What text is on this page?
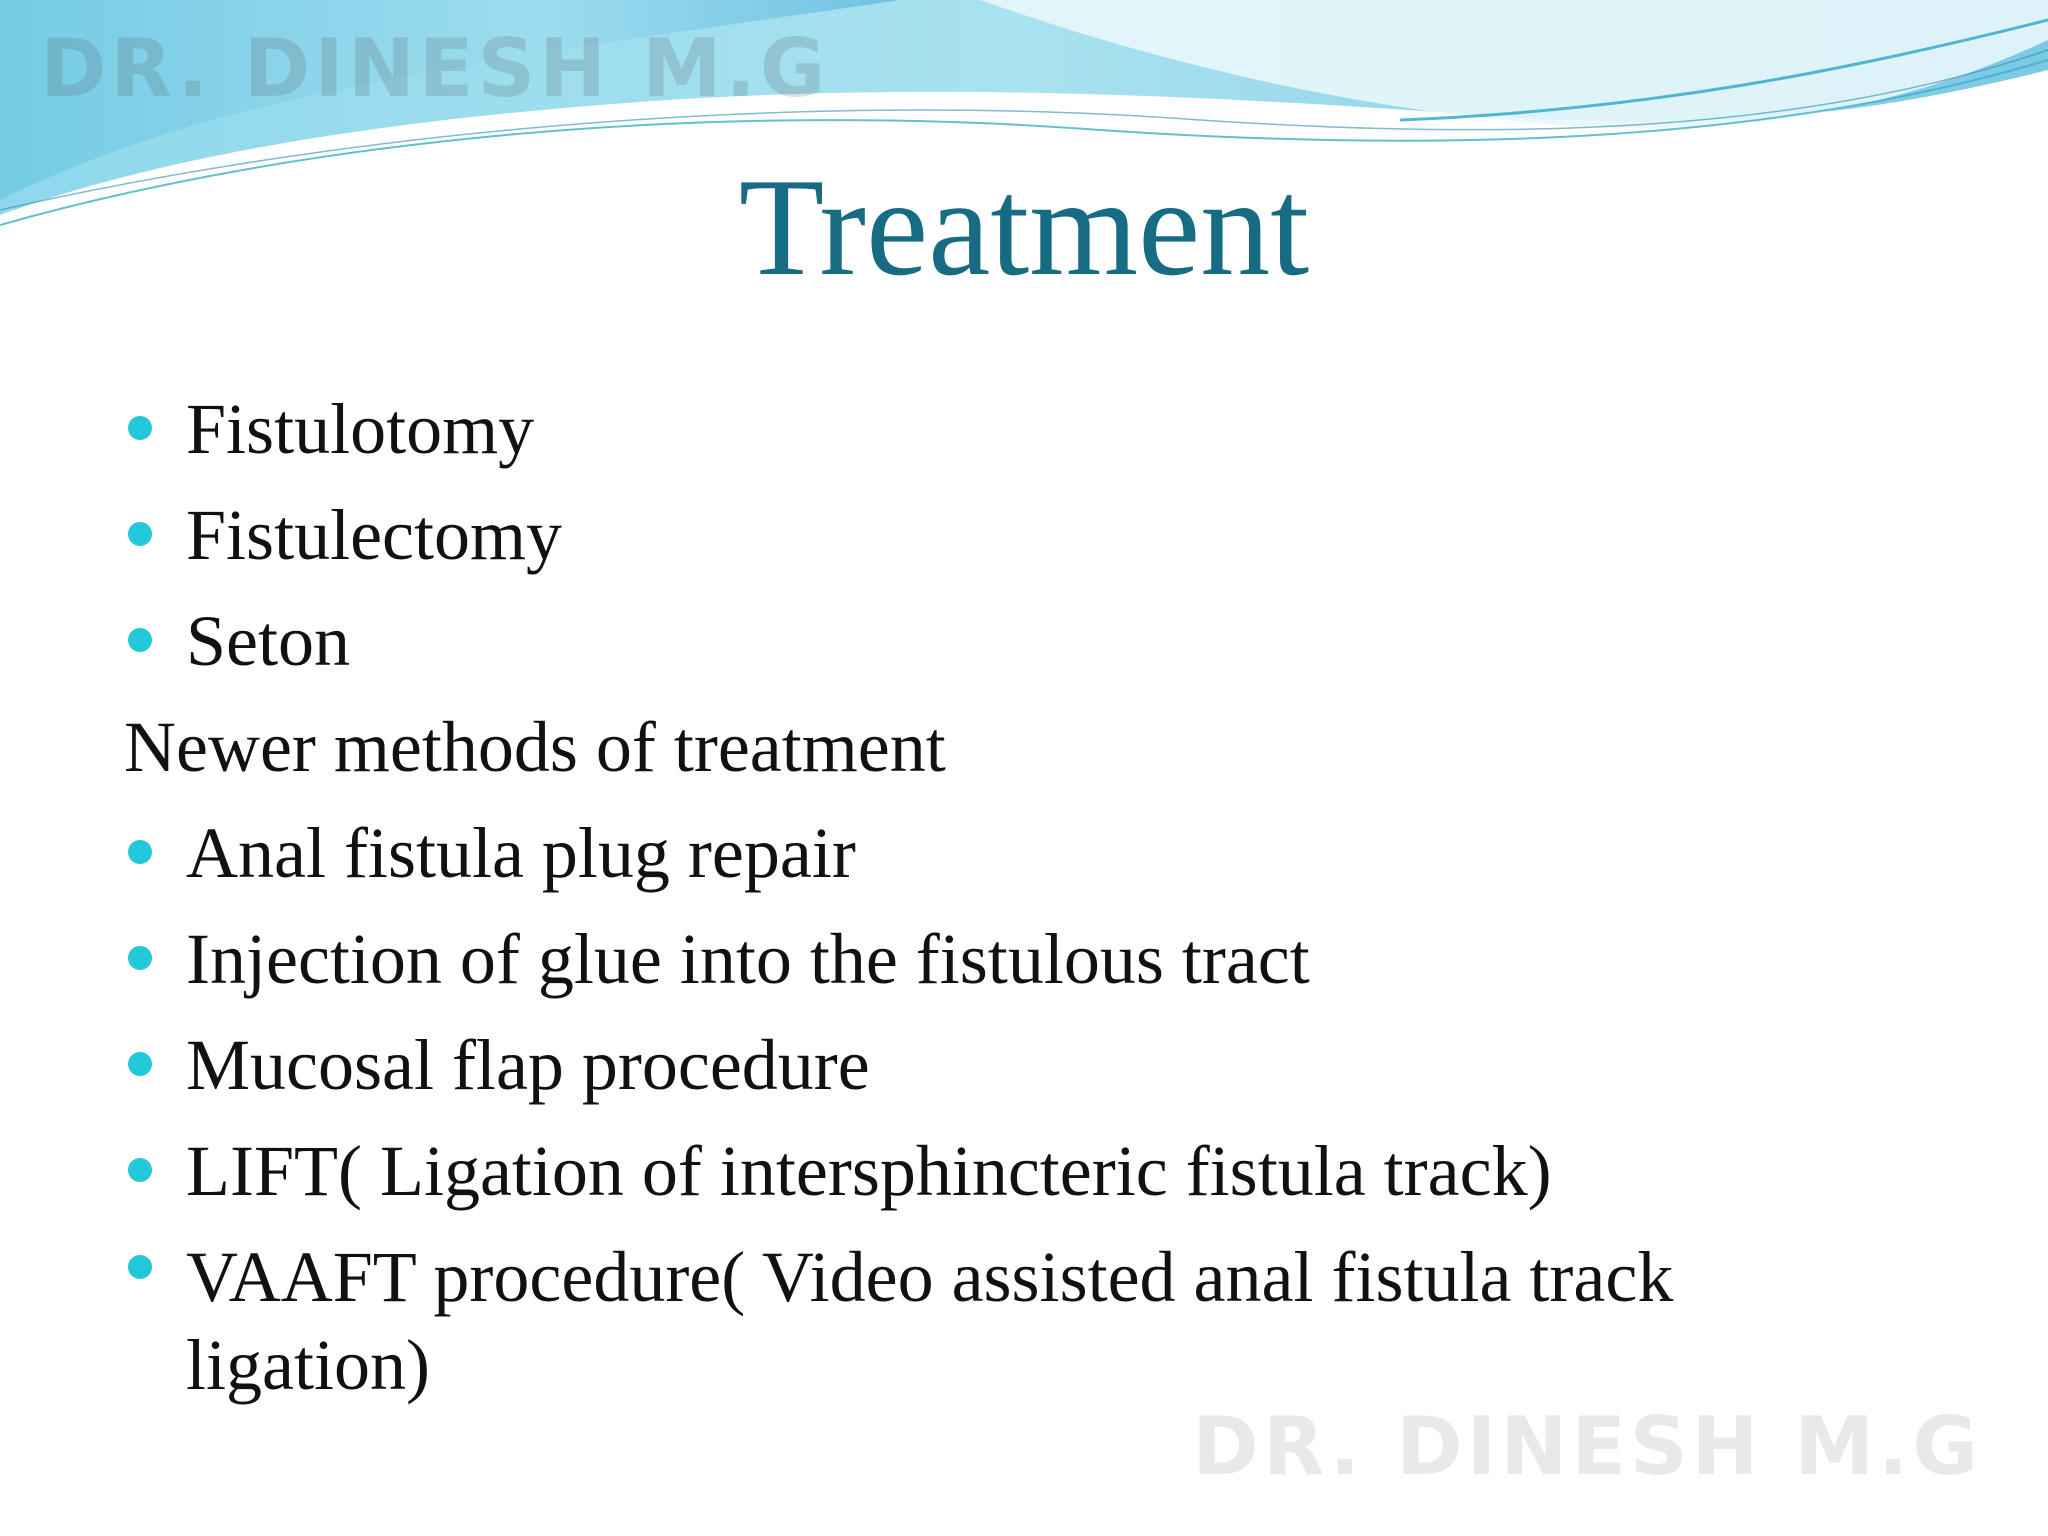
DR. DINESH M.G
Treatment
Fistulotomy
Fistulectomy
Seton
Newer methods of treatment
Anal fistula plug repair
Injection of glue into the fistulous tract
Mucosal flap procedure
LIFT( Ligation of intersphincteric fistula track)
VAAFT procedure( Video assisted anal fistula track ligation)
DR. DINESH M.G
